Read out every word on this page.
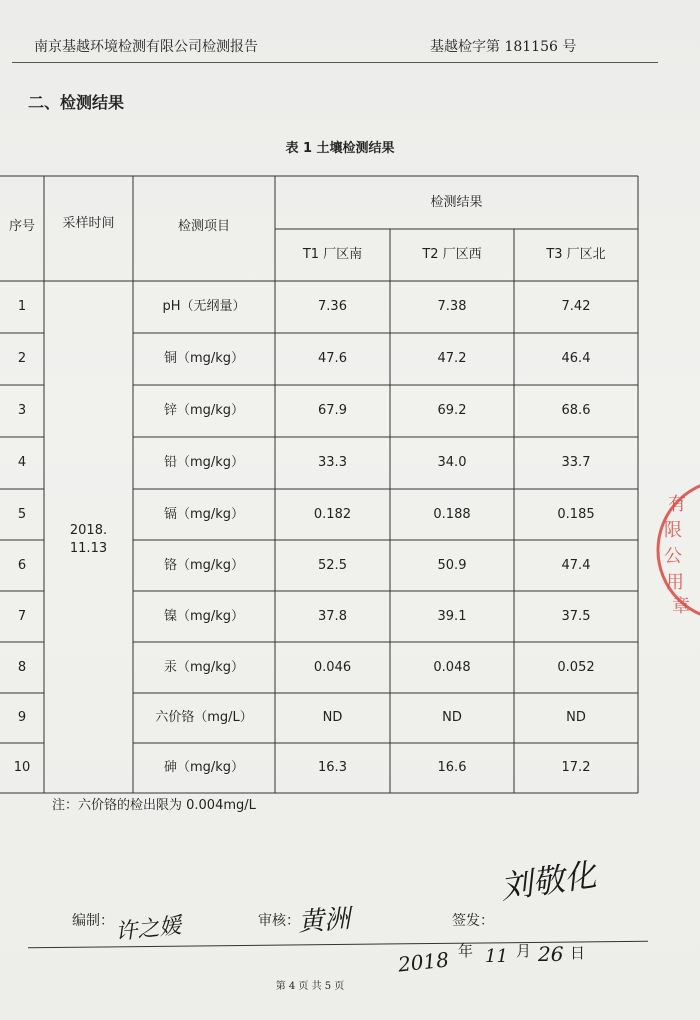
南京基越环境检测有限公司检测报告	基越检字第 181156 号
二、检测结果
表 1 土壤检测结果
序号	采样时间	检测项目
检测结果
T1 厂区南	T2 厂区西	T3 厂区北
2018.
11.13
1	pH（无纲量）	7.36	7.38	7.42
2	铜（mg/kg）	47.6	47.2	46.4
3	锌（mg/kg）	67.9	69.2	68.6
4	铅（mg/kg）	33.3	34.0	33.7
5	镉（mg/kg）	0.182	0.188	0.185
6	铬（mg/kg）	52.5	50.9	47.4
7	镍（mg/kg）	37.8	39.1	37.5
8	汞（mg/kg）	0.046	0.048	0.052
9	六价铬（mg/L）	ND	ND	ND
10	砷（mg/kg）	16.3	16.6	17.2
注：六价铬的检出限为 0.004mg/L
编制： 许之媛	审核：
黄洲	签发：
刘敬化
2018 年 11 月 26 日
第 4 页 共 5 页
有
限
公
用
章
